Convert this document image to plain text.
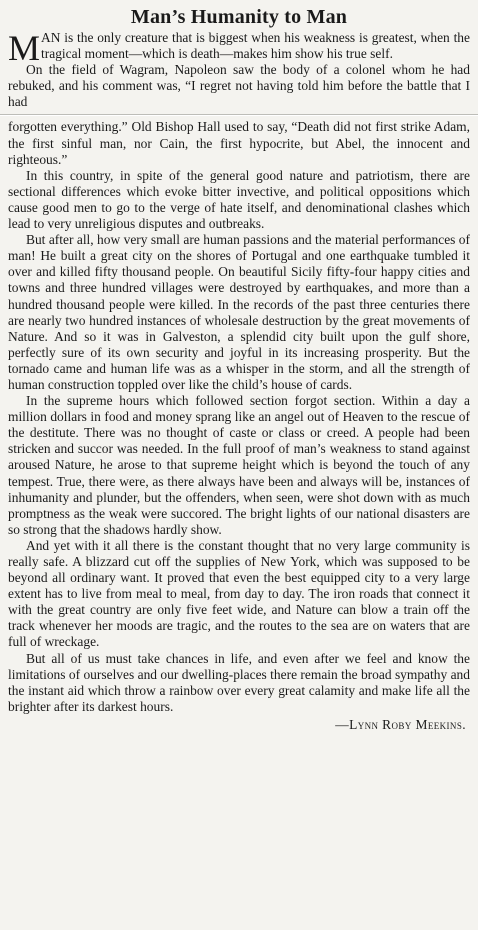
Man’s Humanity to Man

MAN is the only creature that is biggest when his weakness is greatest, when the tragical moment—which is death—makes him show his true self.

On the field of Wagram, Napoleon saw the body of a colonel whom he had rebuked, and his comment was, “I regret not having told him before the battle that I had

forgotten everything.” Old Bishop Hall used to say, “Death did not first strike Adam, the first sinful man, nor Cain, the first hypocrite, but Abel, the innocent and righteous.”

In this country, in spite of the general good nature and patriotism, there are sectional differences which evoke bitter invective, and political oppositions which cause good men to go to the verge of hate itself, and denominational clashes which lead to very unreligious disputes and outbreaks.

But after all, how very small are human passions and the material performances of man! He built a great city on the shores of Portugal and one earthquake tumbled it over and killed fifty thousand people. On beautiful Sicily fifty-four happy cities and towns and three hundred villages were destroyed by earthquakes, and more than a hundred thousand people were killed. In the records of the past three centuries there are nearly two hundred instances of wholesale destruction by the great movements of Nature. And so it was in Galveston, a splendid city built upon the gulf shore, perfectly sure of its own security and joyful in its increasing prosperity. But the tornado came and human life was as a whisper in the storm, and all the strength of human construction toppled over like the child’s house of cards.

In the supreme hours which followed section forgot section. Within a day a million dollars in food and money sprang like an angel out of Heaven to the rescue of the destitute. There was no thought of caste or class or creed. A people had been stricken and succor was needed. In the full proof of man’s weakness to stand against aroused Nature, he arose to that supreme height which is beyond the touch of any tempest. True, there were, as there always have been and always will be, instances of inhumanity and plunder, but the offenders, when seen, were shot down with as much promptness as the weak were succored. The bright lights of our national disasters are so strong that the shadows hardly show.

And yet with it all there is the constant thought that no very large community is really safe. A blizzard cut off the supplies of New York, which was supposed to be beyond all ordinary want. It proved that even the best equipped city to a very large extent has to live from meal to meal, from day to day. The iron roads that connect it with the great country are only five feet wide, and Nature can blow a train off the track whenever her moods are tragic, and the routes to the sea are on waters that are full of wreckage.

But all of us must take chances in life, and even after we feel and know the limitations of ourselves and our dwelling-places there remain the broad sympathy and the instant aid which throw a rainbow over every great calamity and make life all the brighter after its darkest hours.

—Lynn Roby Meekins.
